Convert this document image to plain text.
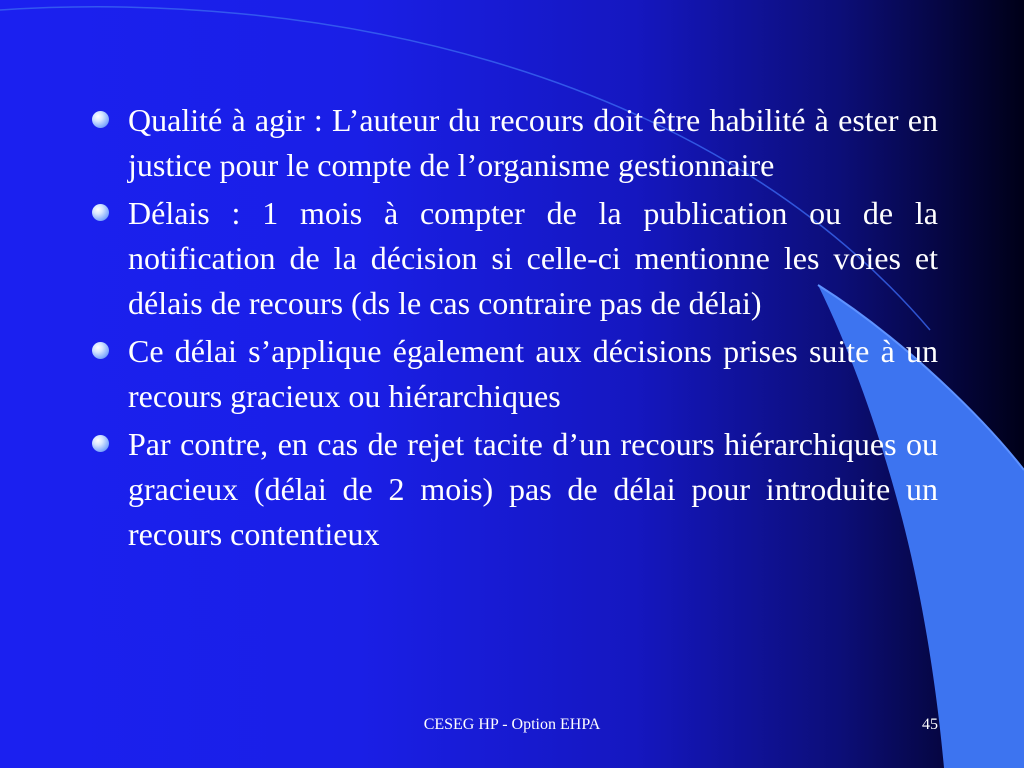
Qualité à agir : L’auteur du recours doit être habilité à ester en justice pour le compte de l’organisme gestionnaire
Délais : 1 mois à compter de la publication ou de la notification de la décision si celle-ci mentionne les voies et délais de recours (ds le cas contraire pas de délai)
Ce délai s’applique également aux décisions prises suite à un recours gracieux ou hiérarchiques
Par contre, en cas de rejet tacite d’un recours hiérarchiques ou gracieux (délai de 2 mois) pas de délai pour introduite un recours contentieux
CESEG HP - Option EHPA	45
